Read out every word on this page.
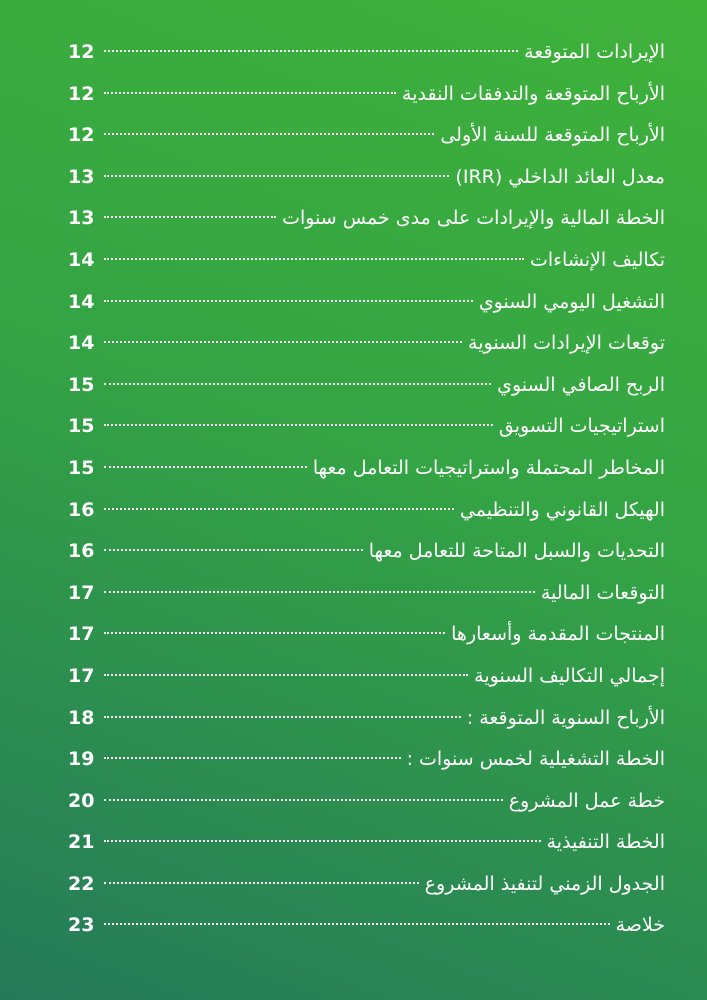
الإيرادات المتوقعة
12
الأرباح المتوقعة والتدفقات النقدية
12
الأرباح المتوقعة للسنة الأولى
12
معدل العائد الداخلي (IRR)
13
الخطة المالية والإيرادات على مدى خمس سنوات
13
تكاليف الإنشاءات
14
التشغيل اليومي السنوي
14
توقعات الإيرادات السنوية
14
الربح الصافي السنوي
15
استراتيجيات التسويق
15
المخاطر المحتملة واستراتيجيات التعامل معها
15
الهيكل القانوني والتنظيمي
16
التحديات والسبل المتاحة للتعامل معها
16
التوقعات المالية
17
المنتجات المقدمة وأسعارها
17
إجمالي التكاليف السنوية
17
الأرباح السنوية المتوقعة :
18
الخطة التشغيلية لخمس سنوات :
19
خطة عمل المشروع
20
الخطة التنفيذية
21
الجدول الزمني لتنفيذ المشروع
22
خلاصة
23
